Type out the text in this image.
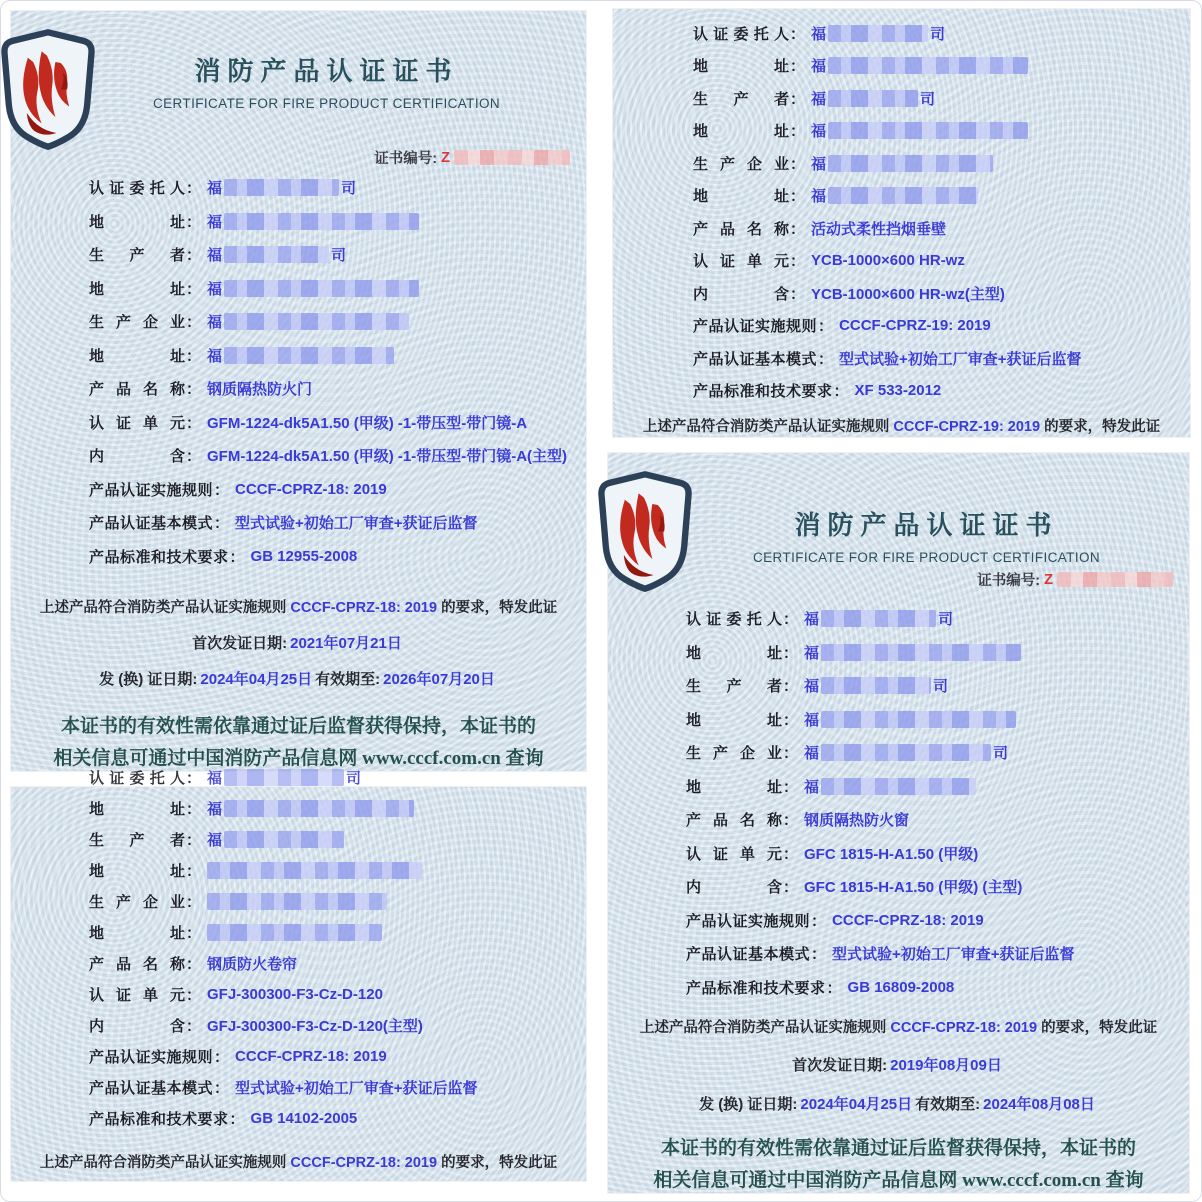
消防产品认证证书
CERTIFICATE FOR FIRE PRODUCT CERTIFICATION
证书编号: Z
认证委托人 ： 福	司
地址 ： 福
生产者 ： 福	司
地址 ： 福
生产企业 ： 福
地址 ： 福
产品名称 ： 钢质隔热防火门
认证单元 ： GFM-1224-dk5A1.50 (甲级) -1-带压型-带门镜-A
内含 ： GFM-1224-dk5A1.50 (甲级) -1-带压型-带门镜-A(主型)
产品认证实施规则 ： CCCF-CPRZ-18: 2019
产品认证基本模式 ： 型式试验+初始工厂审查+获证后监督
产品标准和技术要求 ： GB 12955-2008
上述产品符合消防类产品认证实施规则 CCCF-CPRZ-18: 2019 的要求，特发此证
首次发证日期: 2021年07月21日
发 (换) 证日期: 2024年04月25日 有效期至: 2026年07月20日
本证书的有效性需依靠通过证后监督获得保持，本证书的
相关信息可通过中国消防产品信息网 www.cccf.com.cn 查询
认证委托人 ： 福	司
地址 ： 福
生产者 ： 福	司
地址 ： 福
生产企业 ： 福
地址 ： 福
产品名称 ： 活动式柔性挡烟垂壁
认证单元 ： YCB-1000×600 HR-wz
内含 ： YCB-1000×600 HR-wz(主型)
产品认证实施规则 ： CCCF-CPRZ-19: 2019
产品认证基本模式 ： 型式试验+初始工厂审查+获证后监督
产品标准和技术要求 ： XF 533-2012
上述产品符合消防类产品认证实施规则 CCCF-CPRZ-19: 2019 的要求，特发此证
认证委托人 ： 福	司
地址 ： 福
生产者 ： 福
地址 ：
生产企业 ：
地址 ：
产品名称 ： 钢质防火卷帘
认证单元 ： GFJ-300300-F3-Cz-D-120
内含 ： GFJ-300300-F3-Cz-D-120(主型)
产品认证实施规则 ： CCCF-CPRZ-18: 2019
产品认证基本模式 ： 型式试验+初始工厂审查+获证后监督
产品标准和技术要求 ： GB 14102-2005
上述产品符合消防类产品认证实施规则 CCCF-CPRZ-18: 2019 的要求，特发此证
消防产品认证证书
CERTIFICATE FOR FIRE PRODUCT CERTIFICATION
证书编号: Z
认证委托人 ： 福	司
地址 ： 福
生产者 ： 福	司
地址 ： 福
生产企业 ： 福	司
地址 ： 福
产品名称 ： 钢质隔热防火窗
认证单元 ： GFC 1815-H-A1.50 (甲级)
内含 ： GFC 1815-H-A1.50 (甲级) (主型)
产品认证实施规则 ： CCCF-CPRZ-18: 2019
产品认证基本模式 ： 型式试验+初始工厂审查+获证后监督
产品标准和技术要求 ： GB 16809-2008
上述产品符合消防类产品认证实施规则 CCCF-CPRZ-18: 2019 的要求，特发此证
首次发证日期: 2019年08月09日
发 (换) 证日期: 2024年04月25日 有效期至: 2024年08月08日
本证书的有效性需依靠通过证后监督获得保持，本证书的
相关信息可通过中国消防产品信息网 www.cccf.com.cn 查询
